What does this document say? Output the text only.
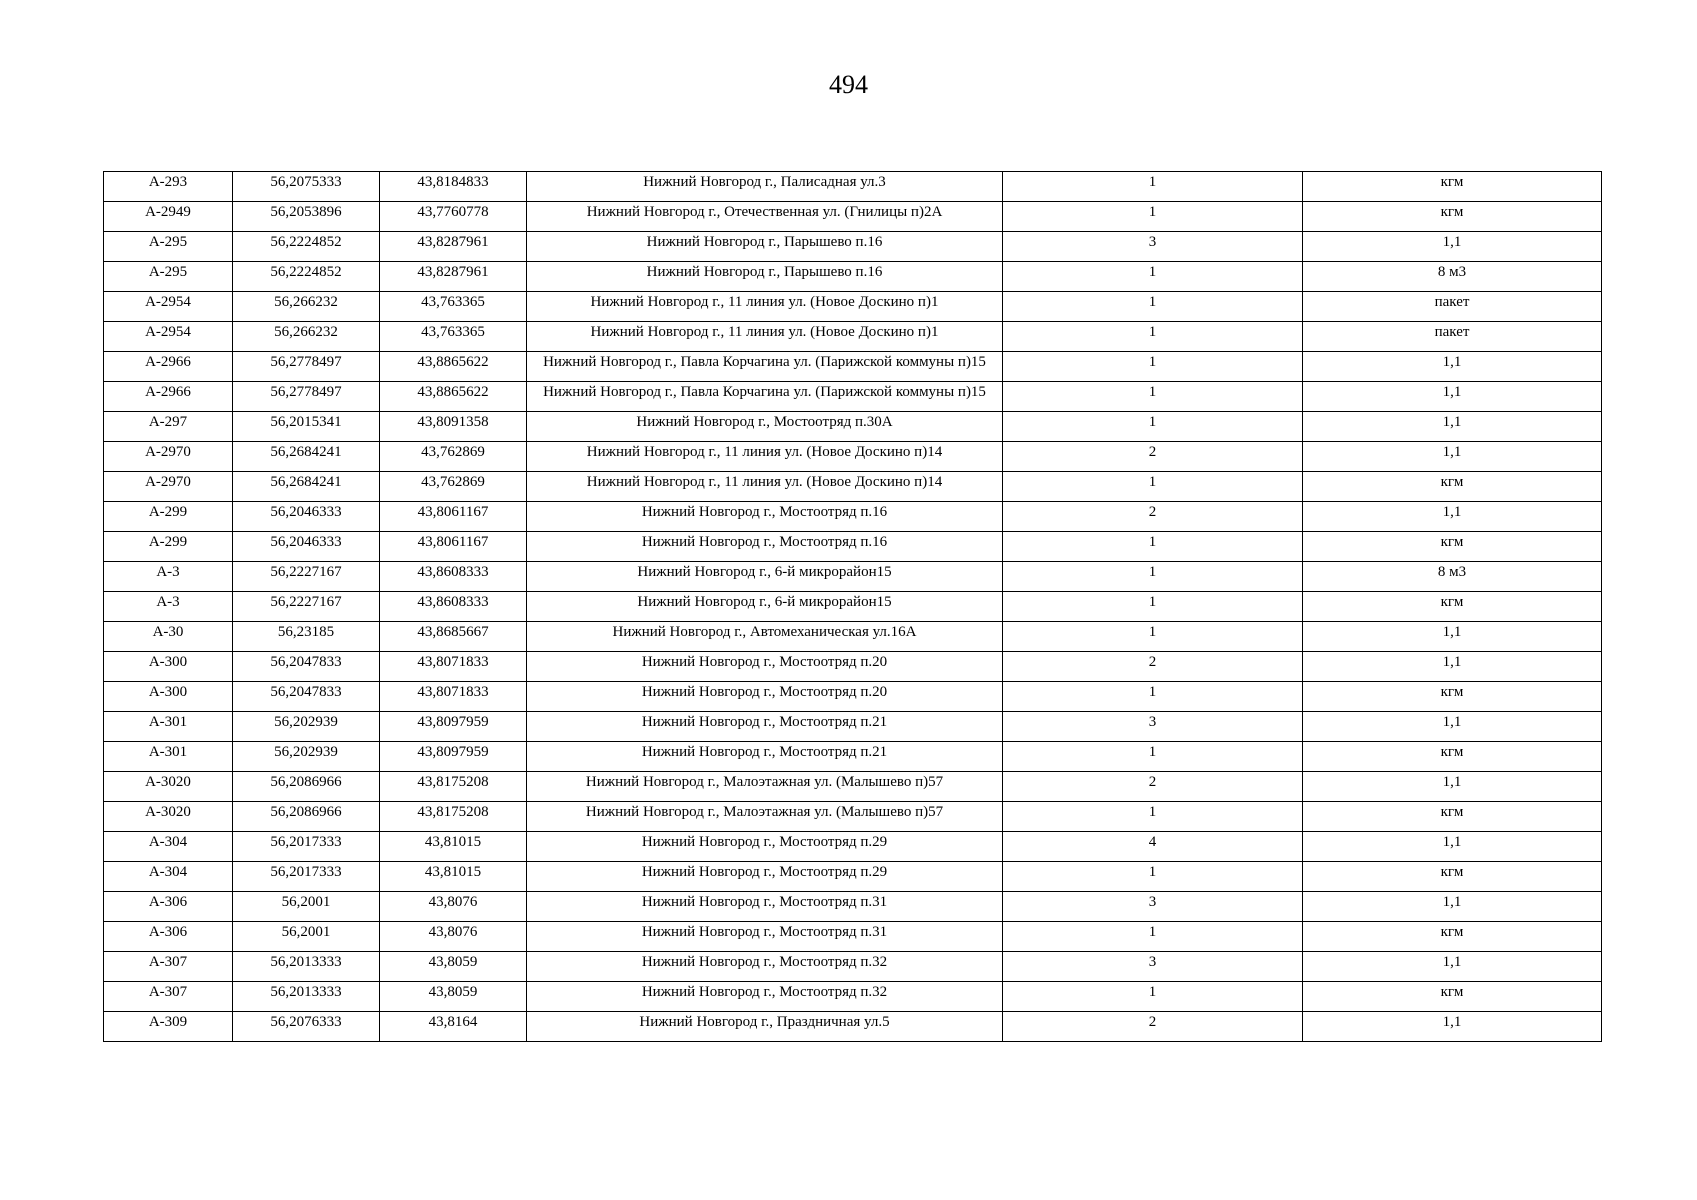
494
А-293	56,2075333	43,8184833	Нижний Новгород г., Палисадная ул.3	1	кгм
А-2949	56,2053896	43,7760778	Нижний Новгород г., Отечественная ул. (Гнилицы п)2А	1	кгм
А-295	56,2224852	43,8287961	Нижний Новгород г., Парышево п.16	3	1,1
А-295	56,2224852	43,8287961	Нижний Новгород г., Парышево п.16	1	8 м3
А-2954	56,266232	43,763365	Нижний Новгород г., 11 линия ул. (Новое Доскино п)1	1	пакет
А-2954	56,266232	43,763365	Нижний Новгород г., 11 линия ул. (Новое Доскино п)1	1	пакет
А-2966	56,2778497	43,8865622	Нижний Новгород г., Павла Корчагина ул. (Парижской коммуны п)15	1	1,1
А-2966	56,2778497	43,8865622	Нижний Новгород г., Павла Корчагина ул. (Парижской коммуны п)15	1	1,1
А-297	56,2015341	43,8091358	Нижний Новгород г., Мостоотряд п.30А	1	1,1
А-2970	56,2684241	43,762869	Нижний Новгород г., 11 линия ул. (Новое Доскино п)14	2	1,1
А-2970	56,2684241	43,762869	Нижний Новгород г., 11 линия ул. (Новое Доскино п)14	1	кгм
А-299	56,2046333	43,8061167	Нижний Новгород г., Мостоотряд п.16	2	1,1
А-299	56,2046333	43,8061167	Нижний Новгород г., Мостоотряд п.16	1	кгм
А-3	56,2227167	43,8608333	Нижний Новгород г., 6-й микрорайон15	1	8 м3
А-3	56,2227167	43,8608333	Нижний Новгород г., 6-й микрорайон15	1	кгм
А-30	56,23185	43,8685667	Нижний Новгород г., Автомеханическая ул.16А	1	1,1
А-300	56,2047833	43,8071833	Нижний Новгород г., Мостоотряд п.20	2	1,1
А-300	56,2047833	43,8071833	Нижний Новгород г., Мостоотряд п.20	1	кгм
А-301	56,202939	43,8097959	Нижний Новгород г., Мостоотряд п.21	3	1,1
А-301	56,202939	43,8097959	Нижний Новгород г., Мостоотряд п.21	1	кгм
А-3020	56,2086966	43,8175208	Нижний Новгород г., Малоэтажная ул. (Малышево п)57	2	1,1
А-3020	56,2086966	43,8175208	Нижний Новгород г., Малоэтажная ул. (Малышево п)57	1	кгм
А-304	56,2017333	43,81015	Нижний Новгород г., Мостоотряд п.29	4	1,1
А-304	56,2017333	43,81015	Нижний Новгород г., Мостоотряд п.29	1	кгм
А-306	56,2001	43,8076	Нижний Новгород г., Мостоотряд п.31	3	1,1
А-306	56,2001	43,8076	Нижний Новгород г., Мостоотряд п.31	1	кгм
А-307	56,2013333	43,8059	Нижний Новгород г., Мостоотряд п.32	3	1,1
А-307	56,2013333	43,8059	Нижний Новгород г., Мостоотряд п.32	1	кгм
А-309	56,2076333	43,8164	Нижний Новгород г., Праздничная ул.5	2	1,1
